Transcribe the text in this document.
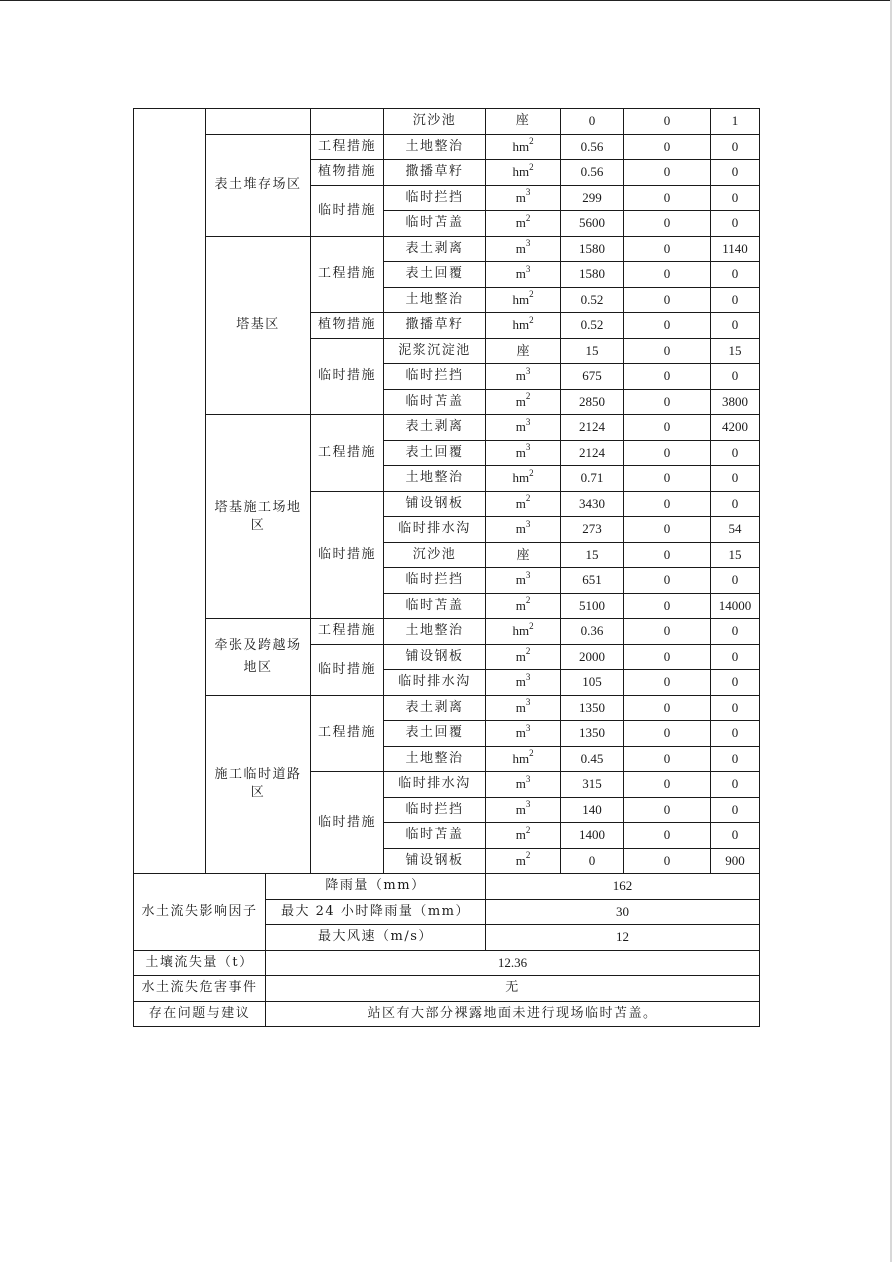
				沉沙池	座	0	0	1
	表土堆存场区		工程措施	土地整治	$hm^2$	0.56	0	0
			植物措施	撒播草籽	$hm^2$	0.56	0	0
			临时措施	临时拦挡	$m^3$	299	0	0
				临时苫盖	$m^2$	5600	0	0
	塔基区		工程措施	表土剥离	$m^3$	1580	0	1140
				表土回覆	$m^3$	1580	0	0
				土地整治	$hm^2$	0.52	0	0
			植物措施	撒播草籽	$hm^2$	0.52	0	0
			临时措施	泥浆沉淀池	座	15	0	15
				临时拦挡	$m^3$	675	0	0
				临时苫盖	$m^2$	2850	0	3800
	塔基施工场地区		工程措施	表土剥离	$m^3$	2124	0	4200
				表土回覆	$m^3$	2124	0	0
				土地整治	$hm^2$	0.71	0	0
			临时措施	铺设钢板	$m^2$	3430	0	0
				临时排水沟	$m^3$	273	0	54
				沉沙池	座	15	0	15
				临时拦挡	$m^3$	651	0	0
				临时苫盖	$m^2$	5100	0	14000
	牵张及跨越场地区		工程措施	土地整治	$hm^2$	0.36	0	0
			临时措施	铺设钢板	$m^2$	2000	0	0
				临时排水沟	$m^3$	105	0	0
	施工临时道路区		工程措施	表土剥离	$m^3$	1350	0	0
				表土回覆	$m^3$	1350	0	0
				土地整治	$hm^2$	0.45	0	0
			临时措施	临时排水沟	$m^3$	315	0	0
				临时拦挡	$m^3$	140	0	0
				临时苫盖	$m^2$	1400	0	0
				铺设钢板	$m^2$	0	0	900
水土流失影响因子		降雨量（mm）			162			
		最大 24 小时降雨量（mm）			30			
		最大风速（m/s）			12			
土壤流失量（t）		12.36						
水土流失危害事件		无						
存在问题与建议		站区有大部分裸露地面未进行现场临时苫盖。						
